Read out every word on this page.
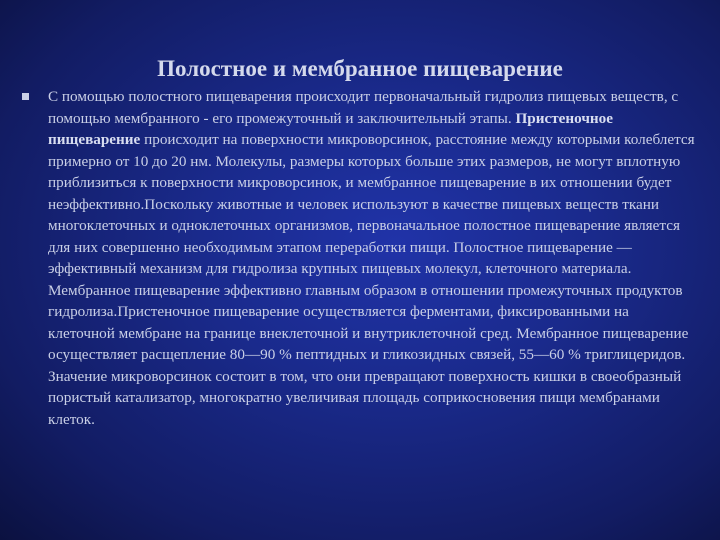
Полостное и мембранное пищеварение

С помощью полостного пищеварения происходит первоначальный гидролиз пищевых веществ, с помощью мембранного - его промежуточный и заключительный этапы. Пристеночное пищеварение происходит на поверхности микроворсинок, расстояние между которыми колеблется примерно от 10 до 20 нм. Молекулы, размеры которых больше этих размеров, не могут вплотную приблизиться к поверхности микроворсинок, и мембранное пищеварение в их отношении будет неэффективно.Поскольку животные и человек используют в качестве пищевых веществ ткани многоклеточных и одноклеточных организмов, первоначальное полостное пищеварение является для них совершенно необходимым этапом переработки пищи. Полостное пищеварение —эффективный механизм для гидролиза крупных пищевых молекул, клеточного материала. Мембранное пищеварение эффективно главным образом в отношении промежуточных продуктов гидролиза.Пристеночное пищеварение осуществляется ферментами, фиксированными на клеточной мембране на границе внеклеточной и внутриклеточной сред. Мембранное пищеварение осуществляет расщепление 80—90 % пептидных и гликозидных связей, 55—60 % триглицеридов. Значение микроворсинок состоит в том, что они превращают поверхность кишки в своеобразный пористый катализатор, многократно увеличивая площадь соприкосновения пищи мембранами клеток.
